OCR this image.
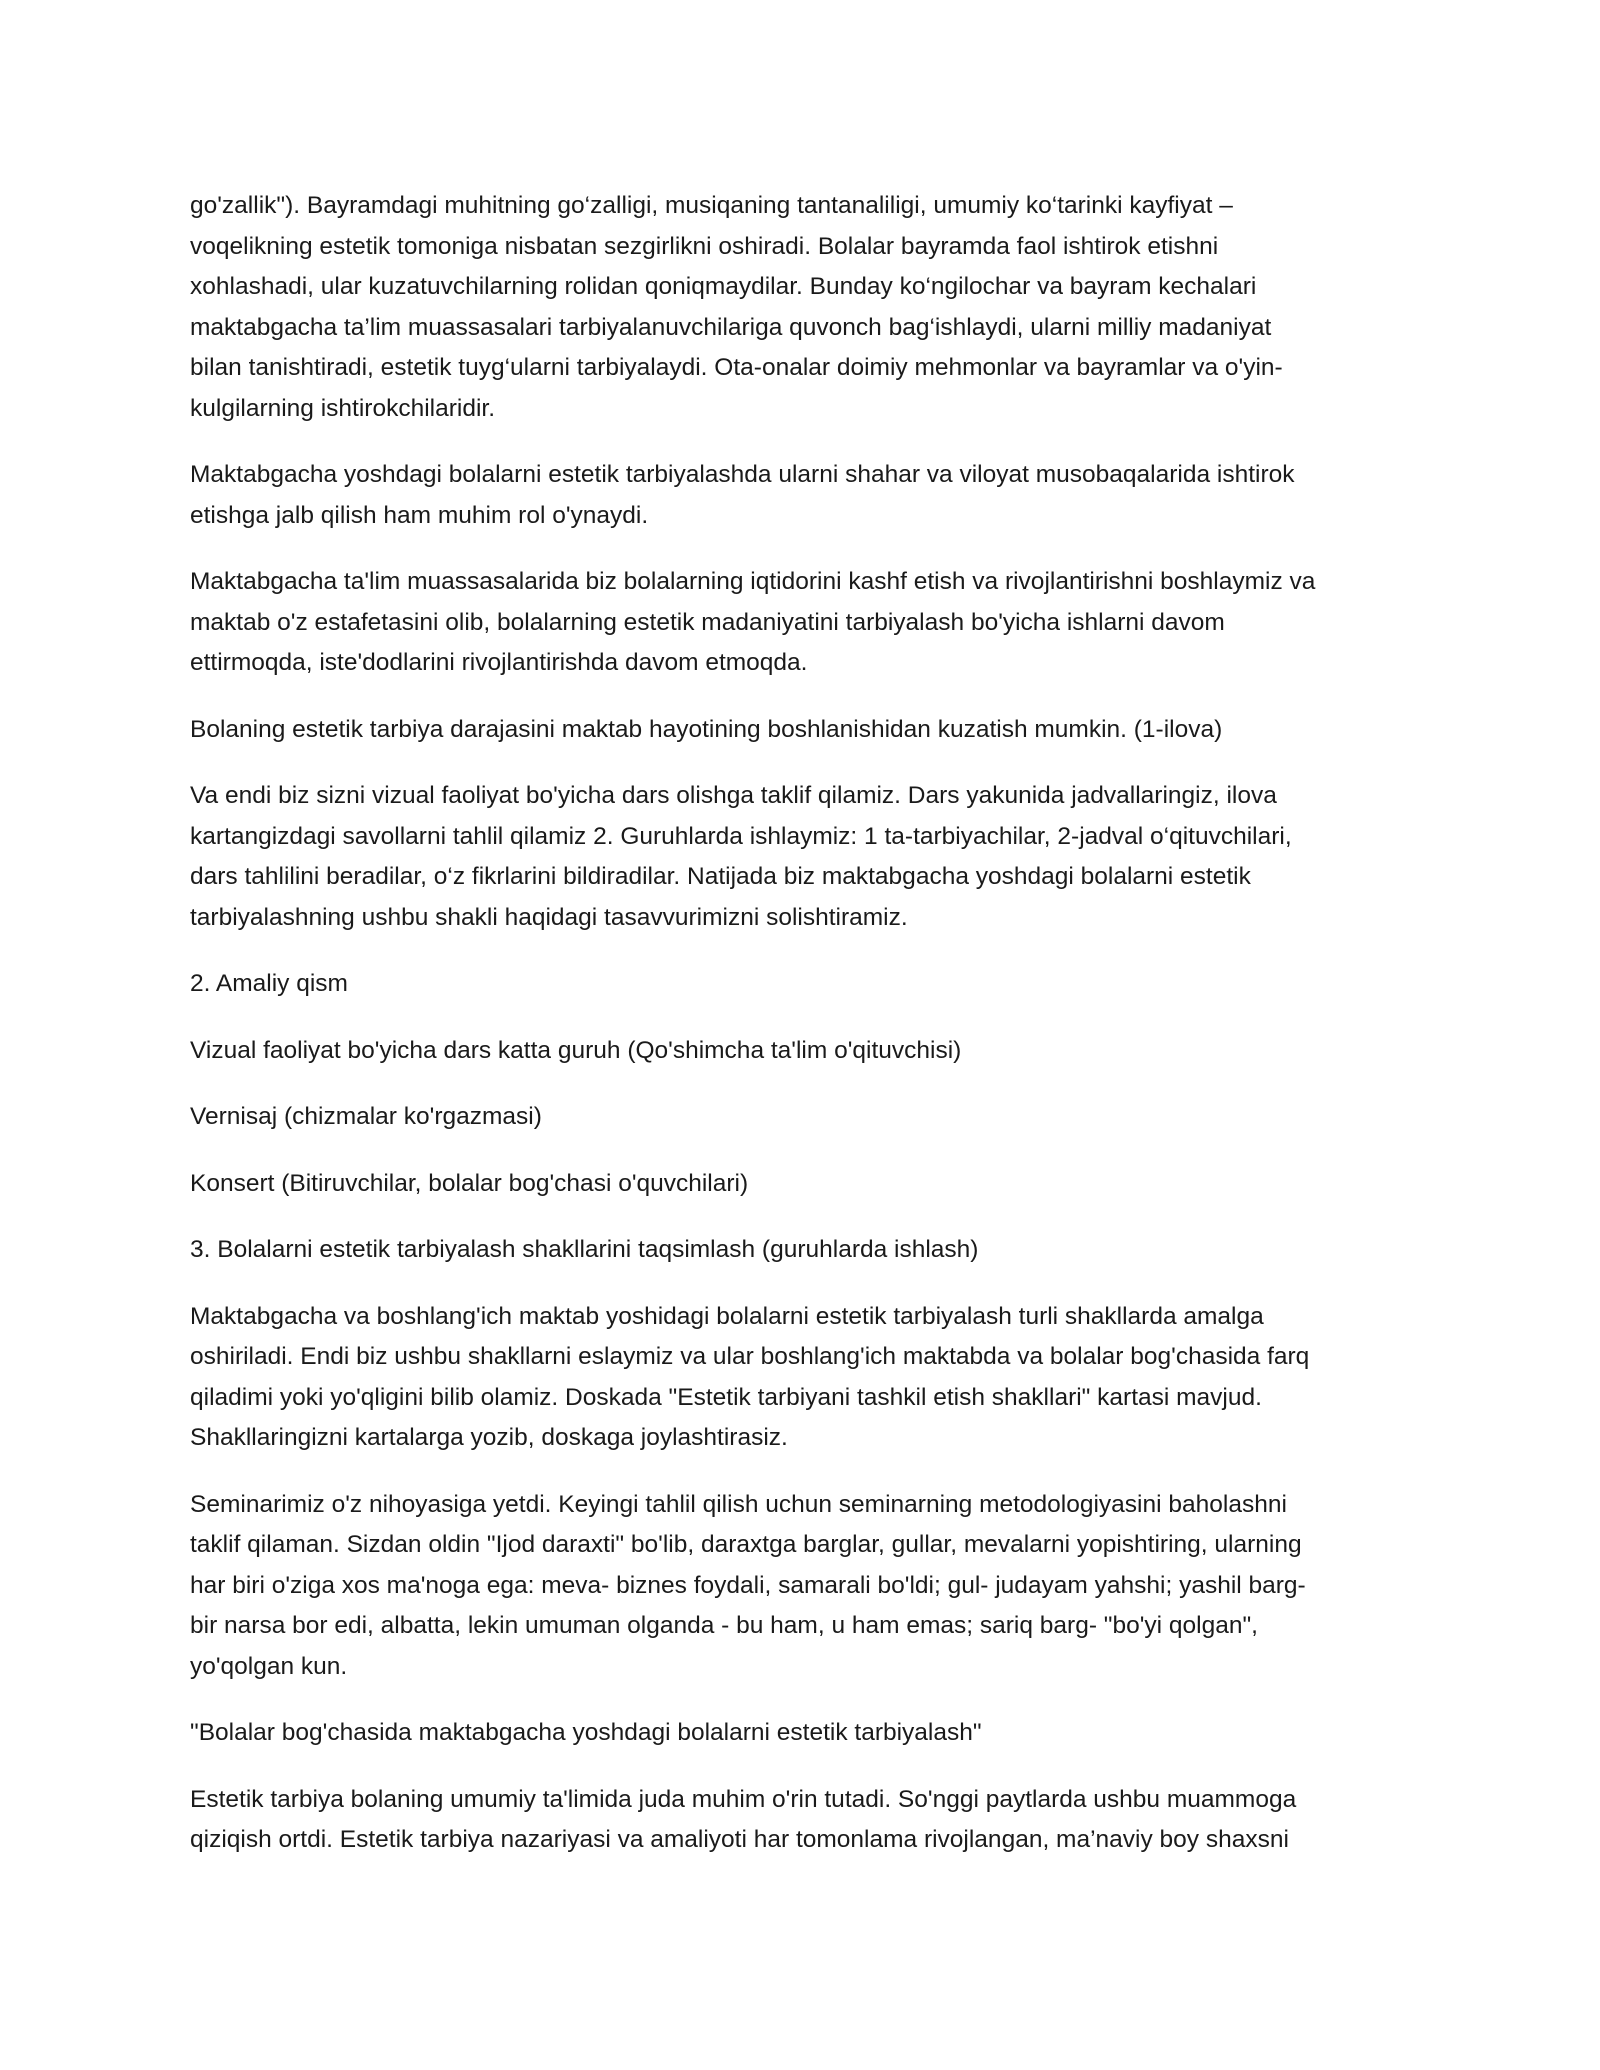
go'zallik"). Bayramdagi muhitning go‘zalligi, musiqaning tantanaliligi, umumiy ko‘tarinki kayfiyat –
voqelikning estetik tomoniga nisbatan sezgirlikni oshiradi. Bolalar bayramda faol ishtirok etishni
xohlashadi, ular kuzatuvchilarning rolidan qoniqmaydilar. Bunday ko‘ngilochar va bayram kechalari
maktabgacha ta’lim muassasalari tarbiyalanuvchilariga quvonch bag‘ishlaydi, ularni milliy madaniyat
bilan tanishtiradi, estetik tuyg‘ularni tarbiyalaydi. Ota-onalar doimiy mehmonlar va bayramlar va o'yin-
kulgilarning ishtirokchilaridir.

Maktabgacha yoshdagi bolalarni estetik tarbiyalashda ularni shahar va viloyat musobaqalarida ishtirok
etishga jalb qilish ham muhim rol o'ynaydi.

Maktabgacha ta'lim muassasalarida biz bolalarning iqtidorini kashf etish va rivojlantirishni boshlaymiz va
maktab o'z estafetasini olib, bolalarning estetik madaniyatini tarbiyalash bo'yicha ishlarni davom
ettirmoqda, iste'dodlarini rivojlantirishda davom etmoqda.

Bolaning estetik tarbiya darajasini maktab hayotining boshlanishidan kuzatish mumkin. (1-ilova)

Va endi biz sizni vizual faoliyat bo'yicha dars olishga taklif qilamiz. Dars yakunida jadvallaringiz, ilova
kartangizdagi savollarni tahlil qilamiz 2. Guruhlarda ishlaymiz: 1 ta-tarbiyachilar, 2-jadval o‘qituvchilari,
dars tahlilini beradilar, o‘z fikrlarini bildiradilar. Natijada biz maktabgacha yoshdagi bolalarni estetik
tarbiyalashning ushbu shakli haqidagi tasavvurimizni solishtiramiz.

2. Amaliy qism

Vizual faoliyat bo'yicha dars katta guruh (Qo'shimcha ta'lim o'qituvchisi)

Vernisaj (chizmalar ko'rgazmasi)

Konsert (Bitiruvchilar, bolalar bog'chasi o'quvchilari)

3. Bolalarni estetik tarbiyalash shakllarini taqsimlash (guruhlarda ishlash)

Maktabgacha va boshlang'ich maktab yoshidagi bolalarni estetik tarbiyalash turli shakllarda amalga
oshiriladi. Endi biz ushbu shakllarni eslaymiz va ular boshlang'ich maktabda va bolalar bog'chasida farq
qiladimi yoki yo'qligini bilib olamiz. Doskada "Estetik tarbiyani tashkil etish shakllari" kartasi mavjud.
Shakllaringizni kartalarga yozib, doskaga joylashtirasiz.

Seminarimiz o'z nihoyasiga yetdi. Keyingi tahlil qilish uchun seminarning metodologiyasini baholashni
taklif qilaman. Sizdan oldin "Ijod daraxti" bo'lib, daraxtga barglar, gullar, mevalarni yopishtiring, ularning
har biri o'ziga xos ma'noga ega: meva- biznes foydali, samarali bo'ldi; gul- judayam yahshi; yashil barg-
bir narsa bor edi, albatta, lekin umuman olganda - bu ham, u ham emas; sariq barg- "bo'yi qolgan",
yo'qolgan kun.

"Bolalar bog'chasida maktabgacha yoshdagi bolalarni estetik tarbiyalash"

Estetik tarbiya bolaning umumiy ta'limida juda muhim o'rin tutadi. So'nggi paytlarda ushbu muammoga
qiziqish ortdi. Estetik tarbiya nazariyasi va amaliyoti har tomonlama rivojlangan, ma’naviy boy shaxsni
